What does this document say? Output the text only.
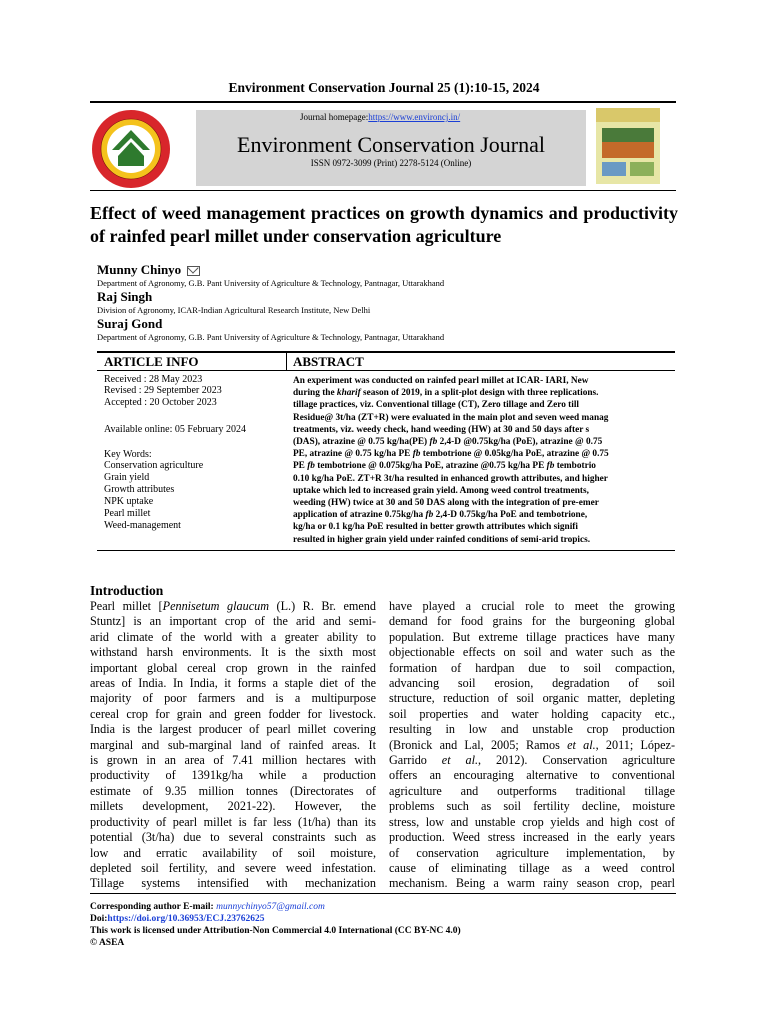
Environment Conservation Journal 25 (1):10-15, 2024
Journal homepage:https://www.environcj.in/
Environment Conservation Journal
ISSN 0972-3099 (Print) 2278-5124 (Online)
Effect of weed management practices on growth dynamics and productivity of rainfed pearl millet under conservation agriculture
Munny Chinyo
Department of Agronomy, G.B. Pant University of Agriculture & Technology, Pantnagar, Uttarakhand
Raj Singh
Division of Agronomy, ICAR-Indian Agricultural Research Institute, New Delhi
Suraj Gond
Department of Agronomy, G.B. Pant University of Agriculture & Technology, Pantnagar, Uttarakhand
ARTICLE INFO	ABSTRACT
Received : 28 May 2023
Revised : 29 September 2023
Accepted : 20 October 2023
Available online: 05 February 2024
Key Words:
Conservation agriculture
Grain yield
Growth attributes
NPK uptake
Pearl millet
Weed-management

An experiment was conducted on rainfed pearl millet at ICAR- IARI, New

during the kharif season of 2019, in a split-plot design with three replications.

tillage practices, viz. Conventional tillage (CT), Zero tillage and Zero till

Residue@ 3t/ha (ZT+R) were evaluated in the main plot and seven weed manag

treatments, viz. weedy check, hand weeding (HW) at 30 and 50 days after s

(DAS), atrazine @ 0.75 kg/ha(PE) fb 2,4-D @0.75kg/ha (PoE), atrazine @ 0.75

PE, atrazine @ 0.75 kg/ha PE fb tembotrione @ 0.05kg/ha PoE, atrazine @ 0.75

PE fb tembotrione @ 0.075kg/ha PoE, atrazine @0.75 kg/ha PE fb tembotrio

0.10 kg/ha PoE. ZT+R 3t/ha resulted in enhanced growth attributes, and higher

uptake which led to increased grain yield. Among weed control treatments,

weeding (HW) twice at 30 and 50 DAS along with the integration of pre-emer

application of atrazine 0.75kg/ha fb 2,4-D 0.75kg/ha PoE and tembotrione,

kg/ha or 0.1 kg/ha PoE resulted in better growth attributes which signifi

resulted in higher grain yield under rainfed conditions of semi-arid tropics.

Introduction

Pearl millet [Pennisetum glaucum (L.) R. Br. emend

Stuntz] is an important crop of the arid and semi-

arid climate of the world with a greater ability to

withstand harsh environments. It is the sixth most

important global cereal crop grown in the rainfed

areas of India. In India, it forms a staple diet of the

majority of poor farmers and is a multipurpose

cereal crop for grain and green fodder for livestock.

India is the largest producer of pearl millet covering

marginal and sub-marginal land of rainfed areas. It

is grown in an area of 7.41 million hectares with

productivity of 1391kg/ha while a production

estimate of 9.35 million tonnes (Directorates of

millets development, 2021-22). However, the

productivity of pearl millet is far less (1t/ha) than its

potential (3t/ha) due to several constraints such as

low and erratic availability of soil moisture,

depleted soil fertility, and severe weed infestation.

Tillage systems intensified with mechanization

have played a crucial role to meet the growing

demand for food grains for the burgeoning global

population. But extreme tillage practices have many

objectionable effects on soil and water such as the

formation of hardpan due to soil compaction,

advancing soil erosion, degradation of soil

structure, reduction of soil organic matter, depleting

soil properties and water holding capacity etc.,

resulting in low and unstable crop production

(Bronick and Lal, 2005; Ramos et al., 2011; López-

Garrido et al., 2012). Conservation agriculture

offers an encouraging alternative to conventional

agriculture and outperforms traditional tillage

problems such as soil fertility decline, moisture

stress, low and unstable crop yields and high cost of

production. Weed stress increased in the early years

of conservation agriculture implementation, by

cause of eliminating tillage as a weed control

mechanism. Being a warm rainy season crop, pearl

Corresponding author E-mail: munnychinyo57@gmail.com
Doi:https://doi.org/10.36953/ECJ.23762625
This work is licensed under Attribution-Non Commercial 4.0 International (CC BY-NC 4.0)
© ASEA
